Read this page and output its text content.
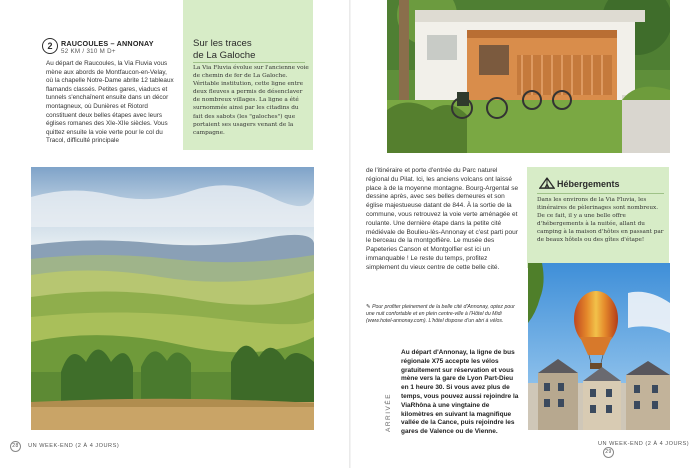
2	RAUCOULES – ANNONAY
52 KM / 310 M D+

Au départ de Raucoules, la Via Fluvia vous mène aux abords de Montfaucon-en-Velay, où la chapelle Notre-Dame abrite 12 tableaux flamands classés. Petites gares, viaducs et tunnels s'enchaînent ensuite dans un décor montagneux, où Dunières et Riotord constituent deux belles étapes avec leurs églises romanes des XIe-XIIe siècles. Vous quittez ensuite la voie verte pour le col du Tracol, difficulté principale

Sur les traces
de La Galoche
La Via Fluvia évolue sur l'ancienne voie de chemin de fer de La Galoche. Véritable institution, cette ligne entre deux fleuves a permis de désenclaver de nombreux villages. La ligne a été surnommée ainsi par les citadins du fait des sabots (les "galoches") que portaient ses usagers venant de la campagne.
28 UN WEEK-END (2 À 4 JOURS)

de l'itinéraire et porte d'entrée du Parc naturel régional du Pilat. Ici, les anciens volcans ont laissé place à de la moyenne montagne. Bourg-Argental se dessine après, avec ses belles demeures et son église majestueuse datant de 844. À la sortie de la commune, vous retrouvez la voie verte aménagée et roulante. Une dernière étape dans la petite cité médiévale de Boulieu-lès-Annonay et c'est parti pour le berceau de la montgolfière. Le musée des Papeteries Canson et Montgolfier est ici un immanquable ! Le reste du temps, profitez simplement du vieux centre de cette belle cité.

✎ Pour profiter pleinement de la belle cité d'Annonay, optez pour une nuit confortable et en plein centre-ville à l'Hôtel du Midi (www.hotel-annonay.com). L'hôtel dispose d'un abri à vélos.
ARRIVÉE
Au départ d'Annonay, la ligne de bus régionale X75 accepte les vélos gratuitement sur réservation et vous mène vers la gare de Lyon Part-Dieu en 1 heure 30. Si vous avez plus de temps, vous pouvez aussi rejoindre la ViaRhôna à une vingtaine de kilomètres en suivant la magnifique vallée de la Cance, puis rejoindre les gares de Valence ou de Vienne.
Hébergements
Dans les environs de la Via Fluvia, les itinéraires de pèlerinages sont nombreux. De ce fait, il y a une belle offre d'hébergements à la nuitée, allant du camping à la maison d'hôtes en passant par de beaux hôtels ou des gîtes d'étape!
UN WEEK-END (2 À 4 JOURS) 29
